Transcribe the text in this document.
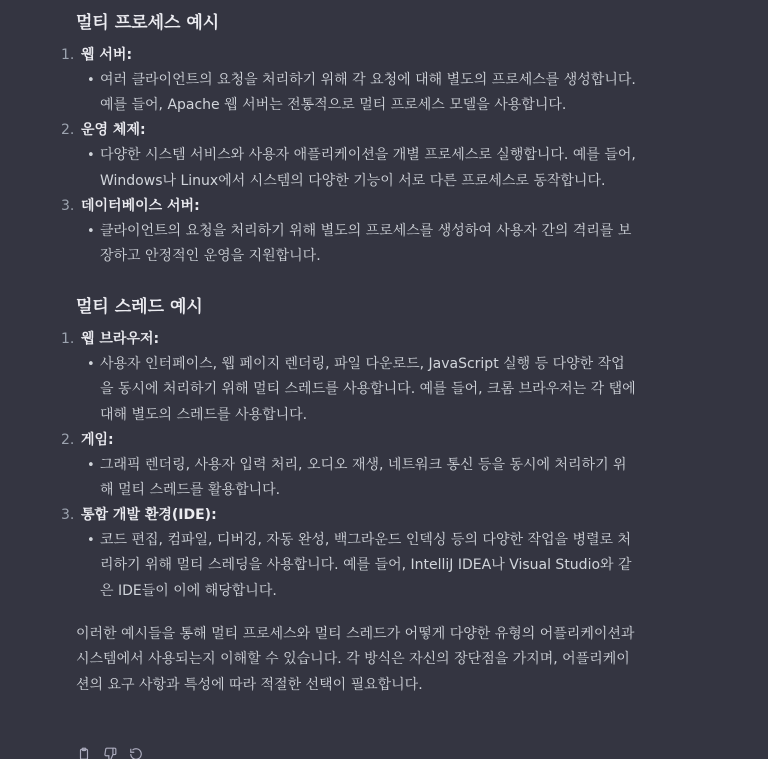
멀티 프로세스 예시
1. 웹 서버:
• 여러 클라이언트의 요청을 처리하기 위해 각 요청에 대해 별도의 프로세스를 생성합니다. 예를 들어, Apache 웹 서버는 전통적으로 멀티 프로세스 모델을 사용합니다.
2. 운영 체제:
• 다양한 시스템 서비스와 사용자 애플리케이션을 개별 프로세스로 실행합니다. 예를 들어, Windows나 Linux에서 시스템의 다양한 기능이 서로 다른 프로세스로 동작합니다.
3. 데이터베이스 서버:
• 클라이언트의 요청을 처리하기 위해 별도의 프로세스를 생성하여 사용자 간의 격리를 보장하고 안정적인 운영을 지원합니다.
멀티 스레드 예시
1. 웹 브라우저:
• 사용자 인터페이스, 웹 페이지 렌더링, 파일 다운로드, JavaScript 실행 등 다양한 작업을 동시에 처리하기 위해 멀티 스레드를 사용합니다. 예를 들어, 크롬 브라우저는 각 탭에 대해 별도의 스레드를 사용합니다.
2. 게임:
• 그래픽 렌더링, 사용자 입력 처리, 오디오 재생, 네트워크 통신 등을 동시에 처리하기 위해 멀티 스레드를 활용합니다.
3. 통합 개발 환경(IDE):
• 코드 편집, 컴파일, 디버깅, 자동 완성, 백그라운드 인덱싱 등의 다양한 작업을 병렬로 처리하기 위해 멀티 스레딩을 사용합니다. 예를 들어, IntelliJ IDEA나 Visual Studio와 같은 IDE들이 이에 해당합니다.

이러한 예시들을 통해 멀티 프로세스와 멀티 스레드가 어떻게 다양한 유형의 어플리케이션과 시스템에서 사용되는지 이해할 수 있습니다. 각 방식은 자신의 장단점을 가지며, 어플리케이션의 요구 사항과 특성에 따라 적절한 선택이 필요합니다.
